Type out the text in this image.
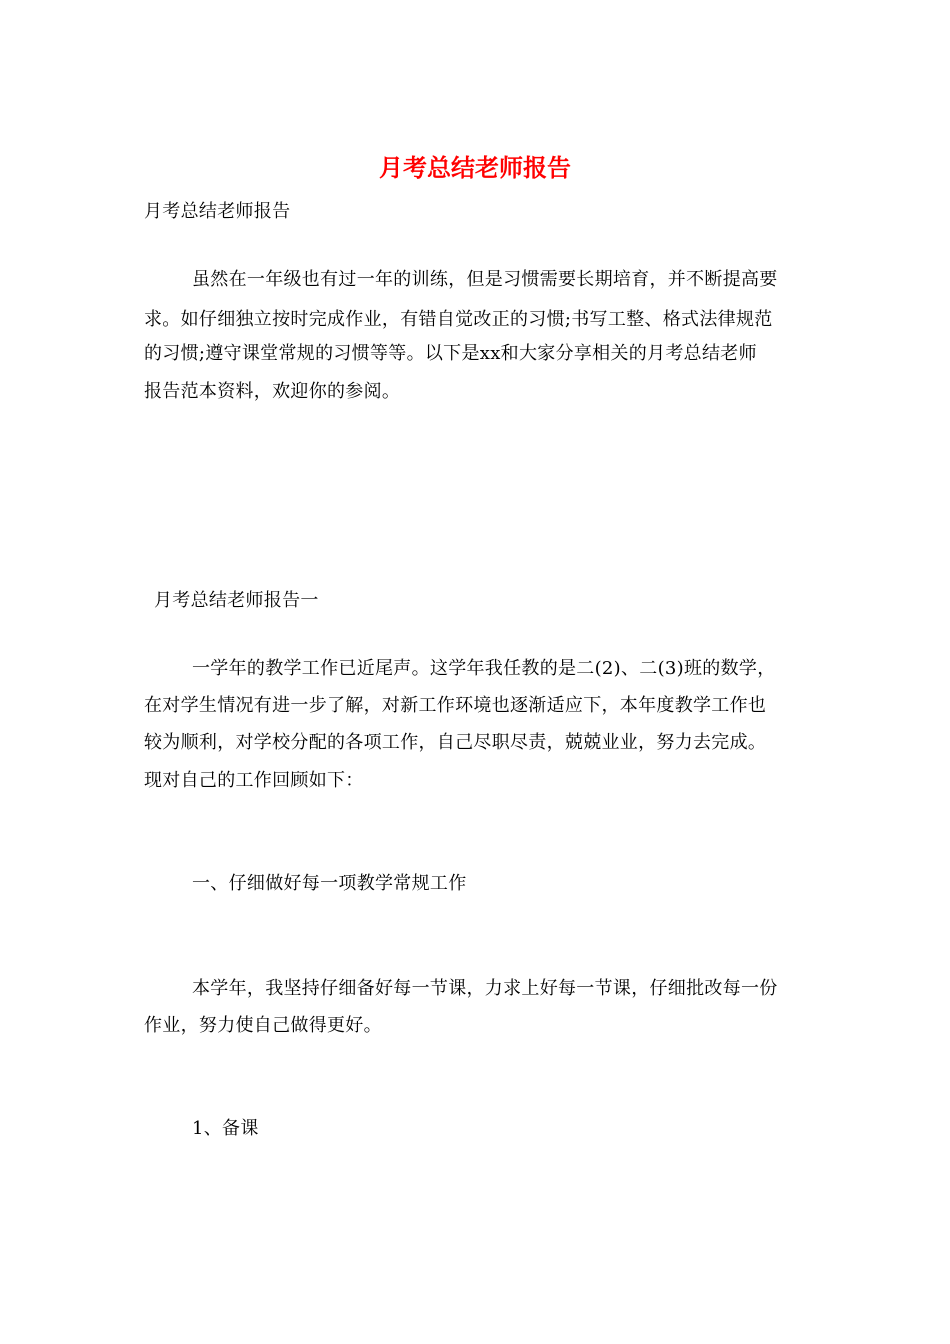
月考总结老师报告

月考总结老师报告

虽然在一年级也有过一年的训练，但是习惯需要长期培育，并不断提高要

求。如仔细独立按时完成作业，有错自觉改正的习惯;书写工整、格式法律规范

的习惯;遵守课堂常规的习惯等等。以下是xx和大家分享相关的月考总结老师

报告范本资料，欢迎你的参阅。

月考总结老师报告一

一学年的教学工作已近尾声。这学年我任教的是二(2)、二(3)班的数学，

在对学生情况有进一步了解，对新工作环境也逐渐适应下，本年度教学工作也

较为顺利，对学校分配的各项工作，自己尽职尽责，兢兢业业，努力去完成。

现对自己的工作回顾如下：

一、仔细做好每一项教学常规工作

本学年，我坚持仔细备好每一节课，力求上好每一节课，仔细批改每一份

作业，努力使自己做得更好。

1、备课
